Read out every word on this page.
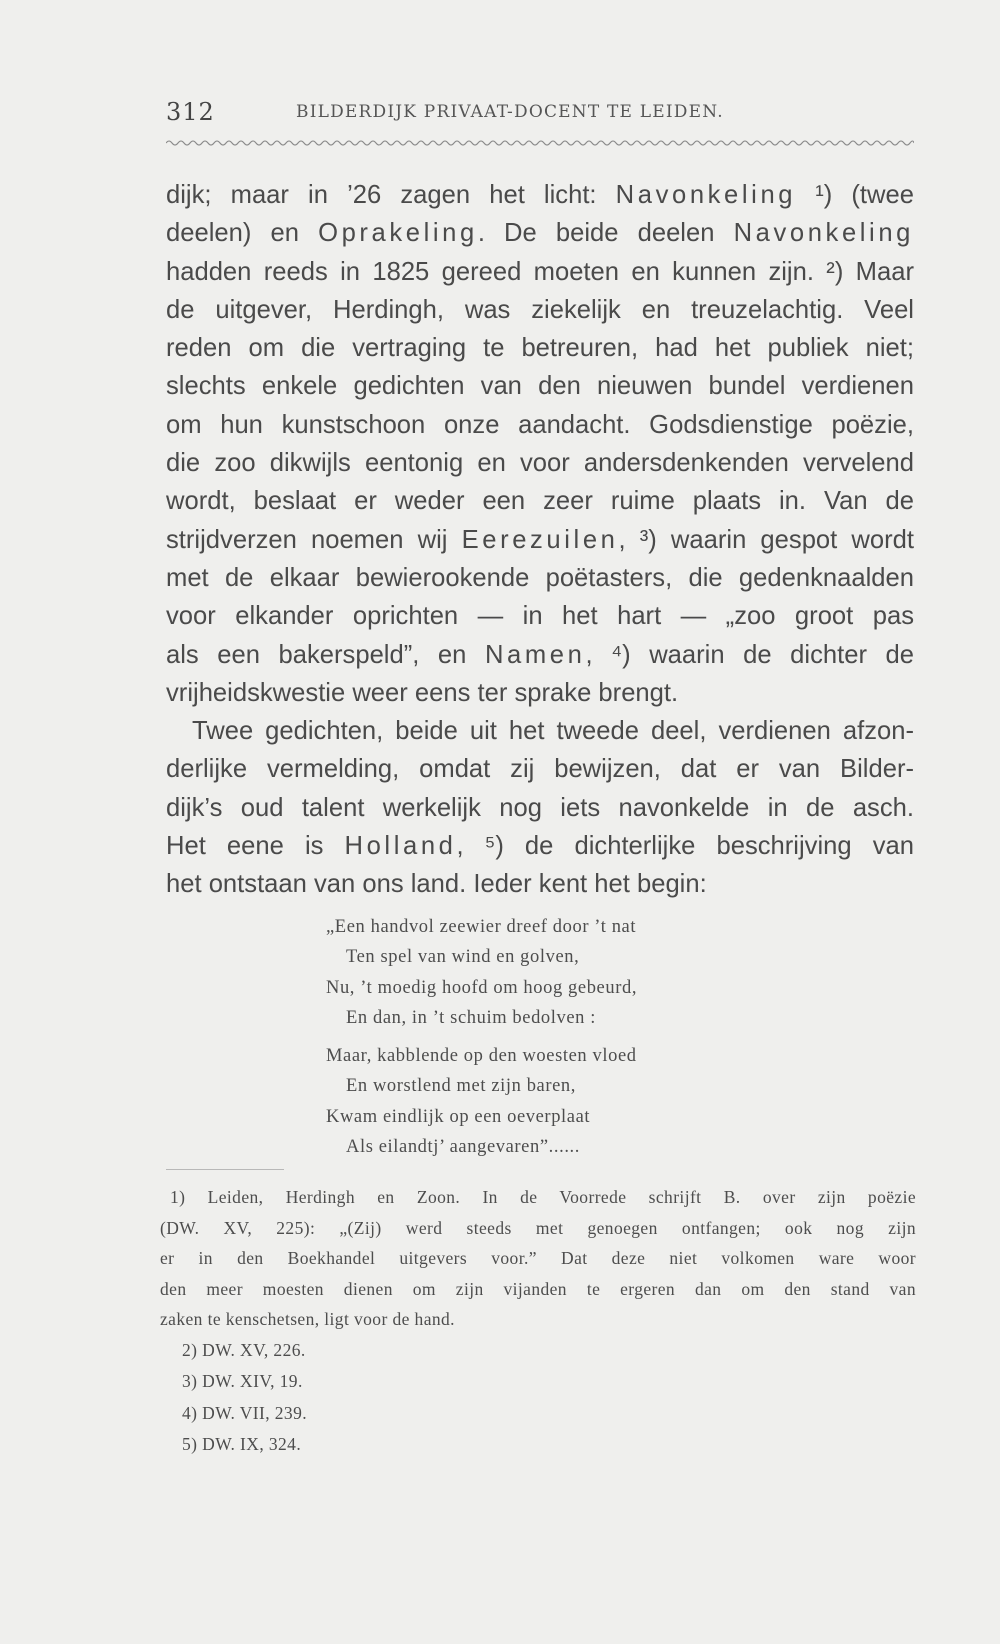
312	BILDERDIJK PRIVAAT-DOCENT TE LEIDEN.
dijk; maar in ’26 zagen het licht: Navonkeling ¹) (twee
deelen) en Oprakeling. De beide deelen Navonkeling
hadden reeds in 1825 gereed moeten en kunnen zijn. ²) Maar
de uitgever, Herdingh, was ziekelijk en treuzelachtig. Veel
reden om die vertraging te betreuren, had het publiek niet;
slechts enkele gedichten van den nieuwen bundel verdienen
om hun kunstschoon onze aandacht. Godsdienstige poëzie,
die zoo dikwijls eentonig en voor andersdenkenden vervelend
wordt, beslaat er weder een zeer ruime plaats in. Van de
strijdverzen noemen wij Eerezuilen, ³) waarin gespot wordt
met de elkaar bewierookende poëtasters, die gedenknaalden
voor elkander oprichten — in het hart — „zoo groot pas
als een bakerspeld”, en Namen, ⁴) waarin de dichter de
vrijheidskwestie weer eens ter sprake brengt.
Twee gedichten, beide uit het tweede deel, verdienen afzon-
derlijke vermelding, omdat zij bewijzen, dat er van Bilder-
dijk’s oud talent werkelijk nog iets navonkelde in de asch.
Het eene is Holland, ⁵) de dichterlijke beschrijving van
het ontstaan van ons land. Ieder kent het begin:
„Een handvol zeewier dreef door ’t nat
Ten spel van wind en golven,
Nu, ’t moedig hoofd om hoog gebeurd,
En dan, in ’t schuim bedolven :
Maar, kabblende op den woesten vloed
En worstlend met zijn baren,
Kwam eindlijk op een oeverplaat
Als eilandtj’ aangevaren”......
1) Leiden, Herdingh en Zoon. In de Voorrede schrijft B. over zijn poëzie
(DW. XV, 225): „(Zij) werd steeds met genoegen ontfangen; ook nog zijn
er in den Boekhandel uitgevers voor.” Dat deze niet volkomen ware woor
den meer moesten dienen om zijn vijanden te ergeren dan om den stand van
zaken te kenschetsen, ligt voor de hand.
2) DW. XV, 226.
3) DW. XIV, 19.
4) DW. VII, 239.
5) DW. IX, 324.
